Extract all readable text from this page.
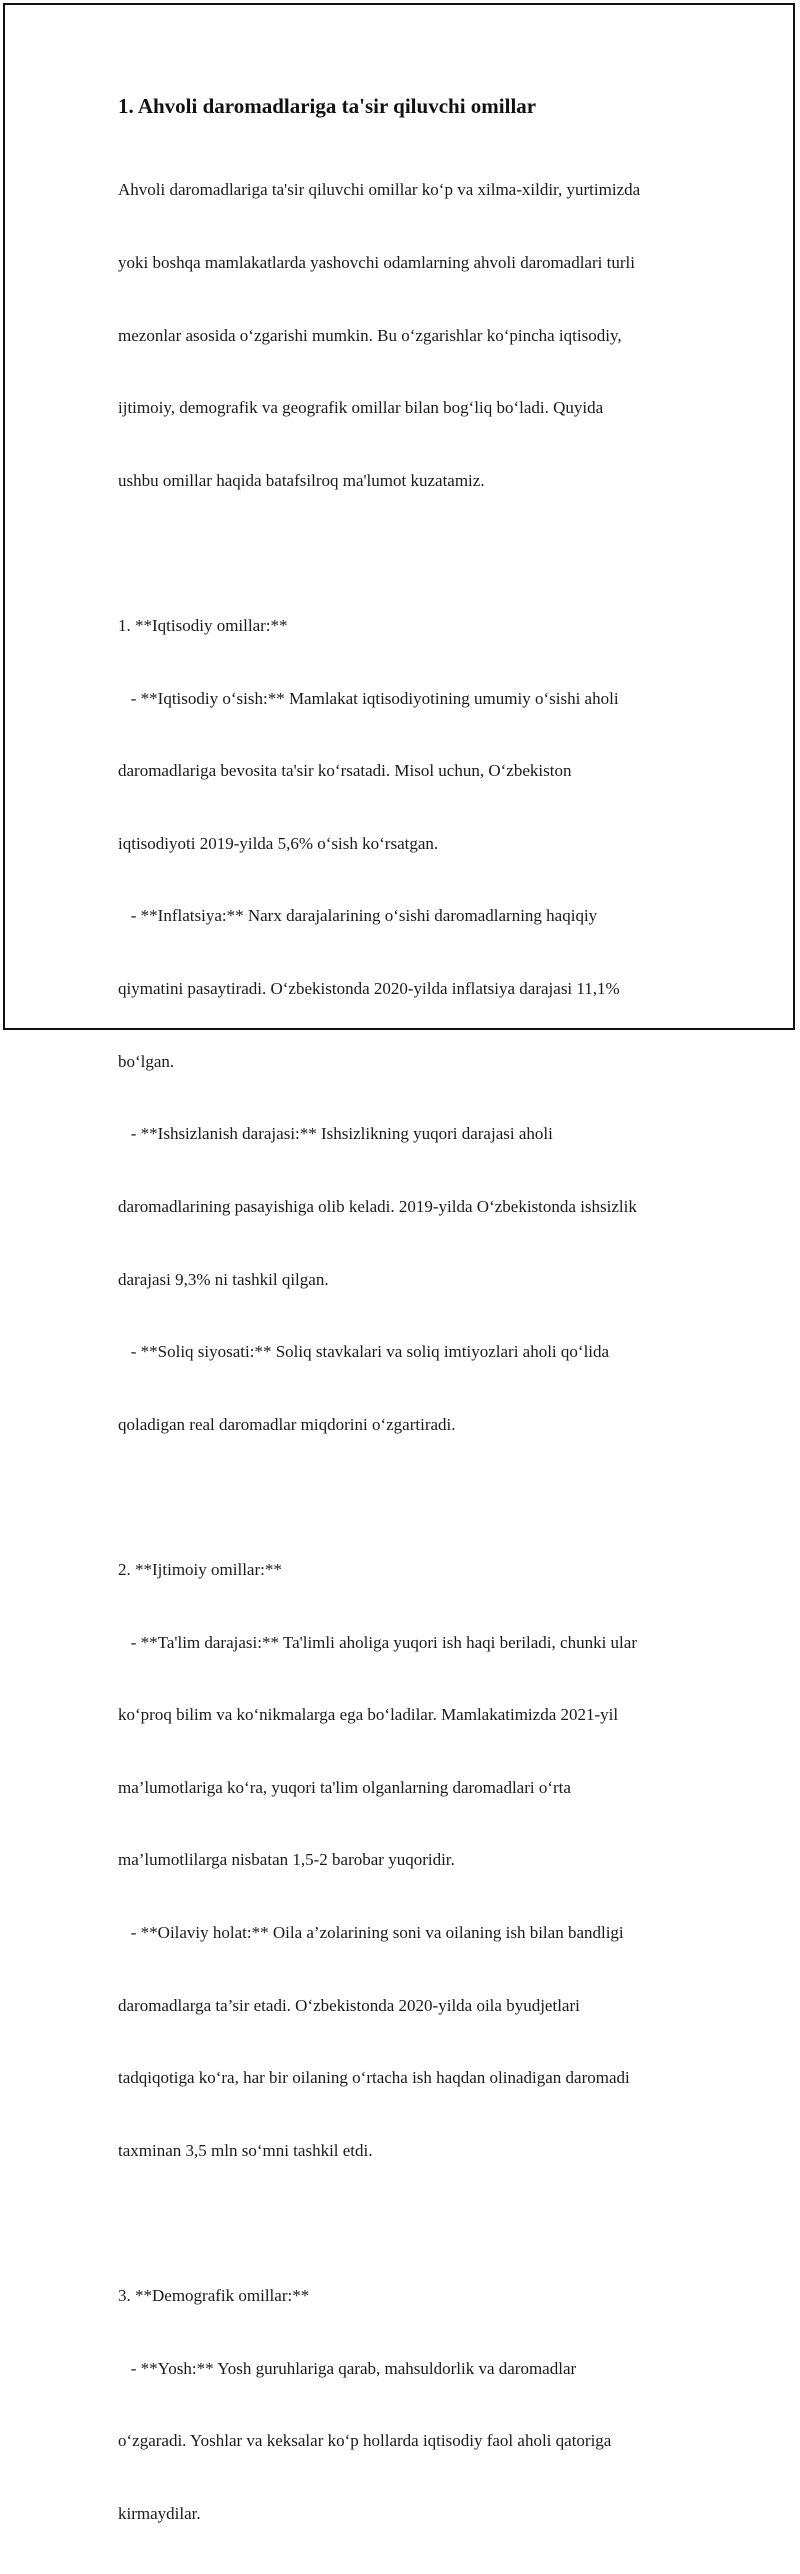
1. Ahvoli daromadlariga ta'sir qiluvchi omillar

Ahvoli daromadlariga ta'sir qiluvchi omillar ko‘p va xilma-xildir, yurtimizda

yoki boshqa mamlakatlarda yashovchi odamlarning ahvoli daromadlari turli

mezonlar asosida o‘zgarishi mumkin. Bu o‘zgarishlar ko‘pincha iqtisodiy,

ijtimoiy, demografik va geografik omillar bilan bog‘liq bo‘ladi. Quyida

ushbu omillar haqida batafsilroq ma'lumot kuzatamiz.

1. **Iqtisodiy omillar:**

- **Iqtisodiy o‘sish:** Mamlakat iqtisodiyotining umumiy o‘sishi aholi

daromadlariga bevosita ta'sir ko‘rsatadi. Misol uchun, O‘zbekiston

iqtisodiyoti 2019-yilda 5,6% o‘sish ko‘rsatgan.

- **Inflatsiya:** Narx darajalarining o‘sishi daromadlarning haqiqiy

qiymatini pasaytiradi. O‘zbekistonda 2020-yilda inflatsiya darajasi 11,1%

bo‘lgan.

- **Ishsizlanish darajasi:** Ishsizlikning yuqori darajasi aholi

daromadlarining pasayishiga olib keladi. 2019-yilda O‘zbekistonda ishsizlik

darajasi 9,3% ni tashkil qilgan.

- **Soliq siyosati:** Soliq stavkalari va soliq imtiyozlari aholi qo‘lida

qoladigan real daromadlar miqdorini o‘zgartiradi.

2. **Ijtimoiy omillar:**

- **Ta'lim darajasi:** Ta'limli aholiga yuqori ish haqi beriladi, chunki ular

ko‘proq bilim va ko‘nikmalarga ega bo‘ladilar. Mamlakatimizda 2021-yil

ma’lumotlariga ko‘ra, yuqori ta'lim olganlarning daromadlari o‘rta

ma’lumotlilarga nisbatan 1,5-2 barobar yuqoridir.

- **Oilaviy holat:** Oila a’zolarining soni va oilaning ish bilan bandligi

daromadlarga ta’sir etadi. O‘zbekistonda 2020-yilda oila byudjetlari

tadqiqotiga ko‘ra, har bir oilaning o‘rtacha ish haqdan olinadigan daromadi

taxminan 3,5 mln so‘mni tashkil etdi.

3. **Demografik omillar:**

- **Yosh:** Yosh guruhlariga qarab, mahsuldorlik va daromadlar

o‘zgaradi. Yoshlar va keksalar ko‘p hollarda iqtisodiy faol aholi qatoriga

kirmaydilar.
